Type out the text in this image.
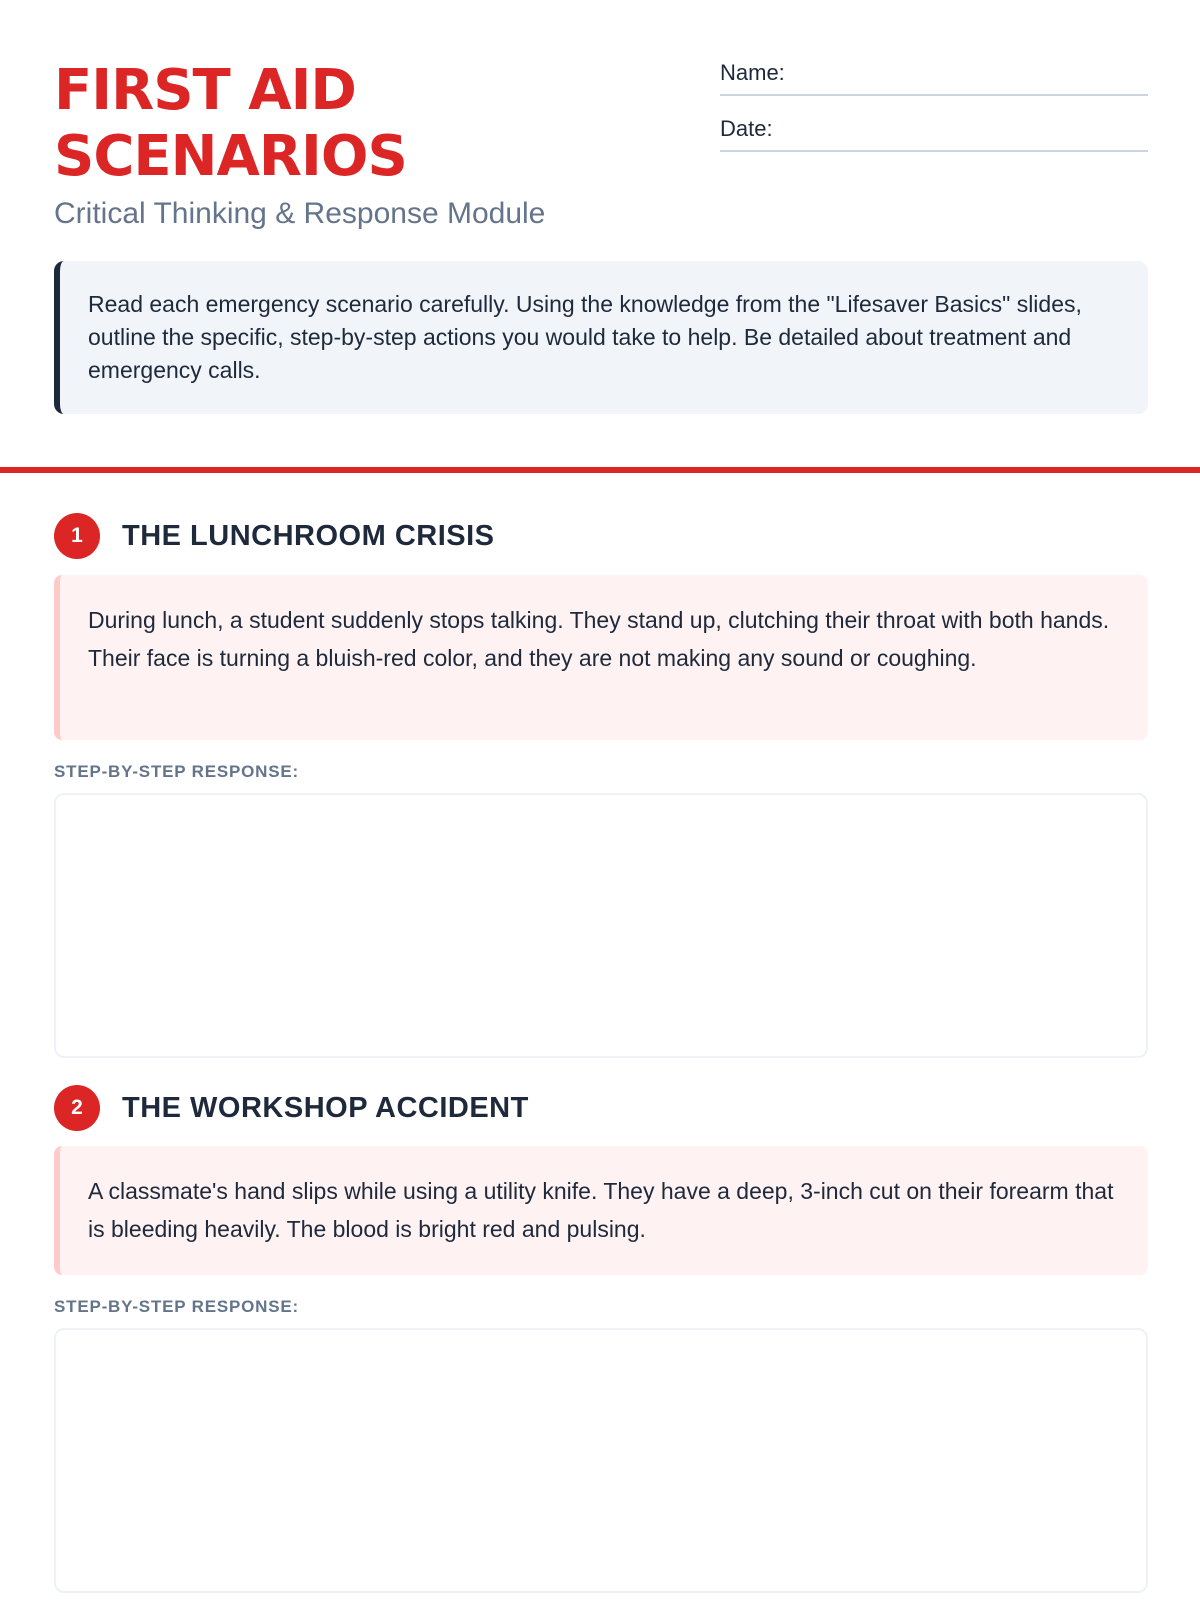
FIRST AID SCENARIOS
Critical Thinking & Response Module
Name:
Date:
Read each emergency scenario carefully. Using the knowledge from the "Lifesaver Basics" slides, outline the specific, step-by-step actions you would take to help. Be detailed about treatment and emergency calls.
1	THE LUNCHROOM CRISIS
During lunch, a student suddenly stops talking. They stand up, clutching their throat with both hands. Their face is turning a bluish-red color, and they are not making any sound or coughing.
STEP-BY-STEP RESPONSE:
2	THE WORKSHOP ACCIDENT
A classmate's hand slips while using a utility knife. They have a deep, 3-inch cut on their forearm that is bleeding heavily. The blood is bright red and pulsing.
STEP-BY-STEP RESPONSE:
